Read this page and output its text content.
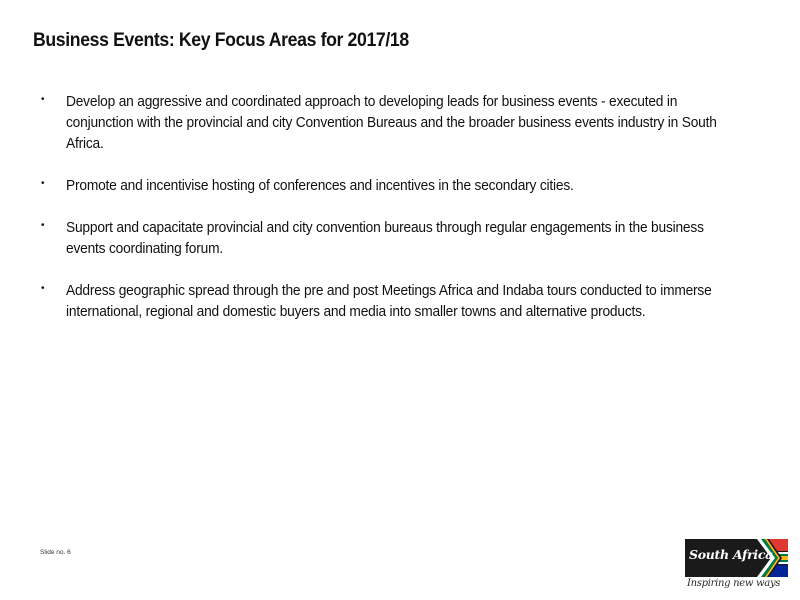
Business Events: Key Focus Areas for 2017/18
• Develop an aggressive and coordinated approach to developing leads for business events - executed in conjunction with the provincial and city Convention Bureaus and the broader business events industry in South Africa.
• Promote and incentivise hosting of conferences and incentives in the secondary cities.
• Support and capacitate provincial and city convention bureaus through regular engagements in the business events coordinating forum.
• Address geographic spread through the pre and post Meetings Africa and Indaba tours conducted to immerse international, regional and domestic buyers and media into smaller towns and alternative products.
Slide no. 6	South Africa
Inspiring new ways
